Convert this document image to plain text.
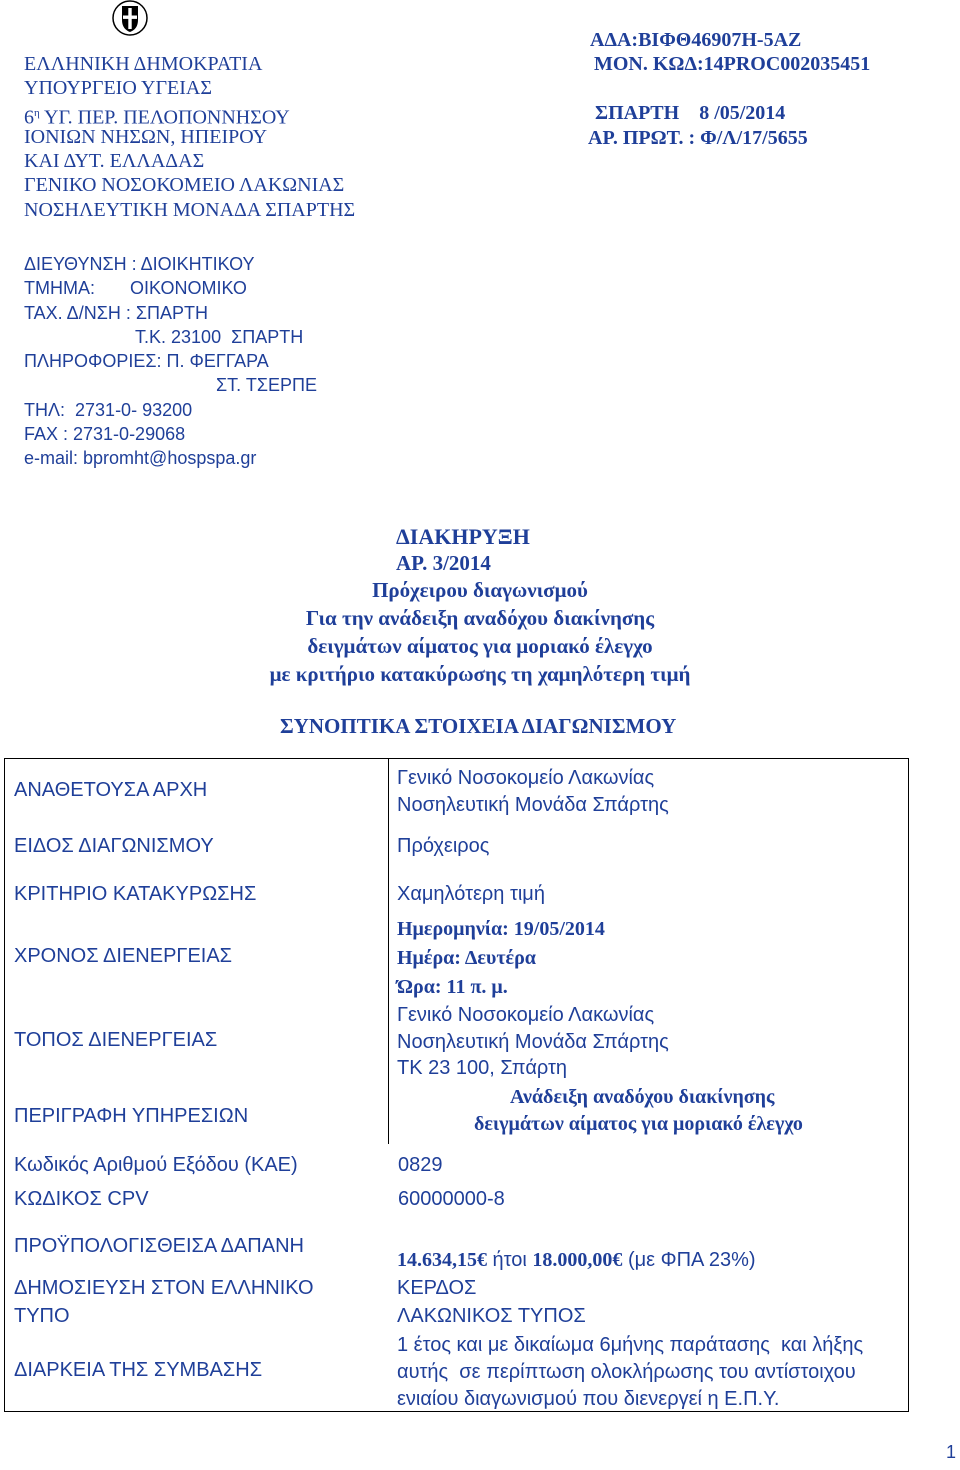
ΕΛΛΗΝΙΚΗ ΔΗΜΟΚΡΑΤΙΑ
ΥΠΟΥΡΓΕΙΟ ΥΓΕΙΑΣ
$6^\eta$ ΥΓ. ΠΕΡ. ΠΕΛΟΠΟΝΝΗΣΟΥ
ΙΟΝΙΩΝ ΝΗΣΩΝ, ΗΠΕΙΡΟΥ
ΚΑΙ ΔΥΤ. ΕΛΛΑΔΑΣ
ΓΕΝΙΚΟ ΝΟΣΟΚΟΜΕΙΟ ΛΑΚΩΝΙΑΣ
ΝΟΣΗΛΕΥΤΙΚΗ ΜΟΝΑΔΑ ΣΠΑΡΤΗΣ
ΑΔΑ:ΒΙΦΘ46907Η-5ΑΖ
ΜΟΝ. ΚΩΔ:14PROC002035451
ΣΠΑΡΤΗ    8 /05/2014
ΑΡ. ΠΡΩΤ. : Φ/Λ/17/5655
ΔΙΕΥΘΥΝΣΗ : ΔΙΟΙΚΗΤΙΚΟΥ
ΤΜΗΜΑ:       ΟΙΚΟΝΟΜΙΚΟ
ΤΑΧ. Δ/ΝΣΗ : ΣΠΑΡΤΗ
Τ.Κ. 23100  ΣΠΑΡΤΗ
ΠΛΗΡΟΦΟΡΙΕΣ: Π. ΦΕΓΓΑΡΑ
ΣΤ. ΤΣΕΡΠΕ
ΤΗΛ:  2731-0- 93200
FAX : 2731-0-29068
e-mail: bpromht@hospspa.gr
ΔΙΑΚΗΡΥΞΗ
ΑΡ. 3/2014
Πρόχειρου διαγωνισμού
Για την ανάδειξη αναδόχου διακίνησης
δειγμάτων αίματος για μοριακό έλεγχο
με κριτήριο κατακύρωσης τη χαμηλότερη τιμή
ΣΥΝΟΠΤΙΚΑ ΣΤΟΙΧΕΙΑ ΔΙΑΓΩΝΙΣΜΟΥ
ΑΝΑΘΕΤΟΥΣΑ ΑΡΧΗ
ΕΙΔΟΣ ΔΙΑΓΩΝΙΣΜΟΥ
ΚΡΙΤΗΡΙΟ ΚΑΤΑΚΥΡΩΣΗΣ
ΧΡΟΝΟΣ ΔΙΕΝΕΡΓΕΙΑΣ
ΤΟΠΟΣ ΔΙΕΝΕΡΓΕΙΑΣ
ΠΕΡΙΓΡΑΦΗ ΥΠΗΡΕΣΙΩΝ
Κωδικός Αριθμού Εξόδου (ΚΑΕ)
ΚΩΔΙΚΟΣ CPV
ΠΡΟΫΠΟΛΟΓΙΣΘΕΙΣΑ ΔΑΠΑΝΗ
ΔΗΜΟΣΙΕΥΣΗ ΣΤΟΝ ΕΛΛΗΝΙΚΟ
ΤΥΠΟ
ΔΙΑΡΚΕΙΑ ΤΗΣ ΣΥΜΒΑΣΗΣ
Γενικό Νοσοκομείο Λακωνίας
Νοσηλευτική Μονάδα Σπάρτης
Πρόχειρος
Χαμηλότερη τιμή
Ημερομηνία: 19/05/2014
Ημέρα: Δευτέρα
Ώρα: 11 π. μ.
Γενικό Νοσοκομείο Λακωνίας
Νοσηλευτική Μονάδα Σπάρτης
ΤΚ 23 100, Σπάρτη
Ανάδειξη αναδόχου διακίνησης
δειγμάτων αίματος για μοριακό έλεγχο
0829
60000000-8
14.634,15€ ήτοι 18.000,00€ (με ΦΠΑ 23%)
ΚΕΡΔΟΣ
ΛΑΚΩΝΙΚΟΣ ΤΥΠΟΣ
1 έτος και με δικαίωμα 6μήνης παράτασης  και λήξης
αυτής  σε περίπτωση ολοκλήρωσης του αντίστοιχου
ενιαίου διαγωνισμού που διενεργεί η Ε.Π.Υ.
1
